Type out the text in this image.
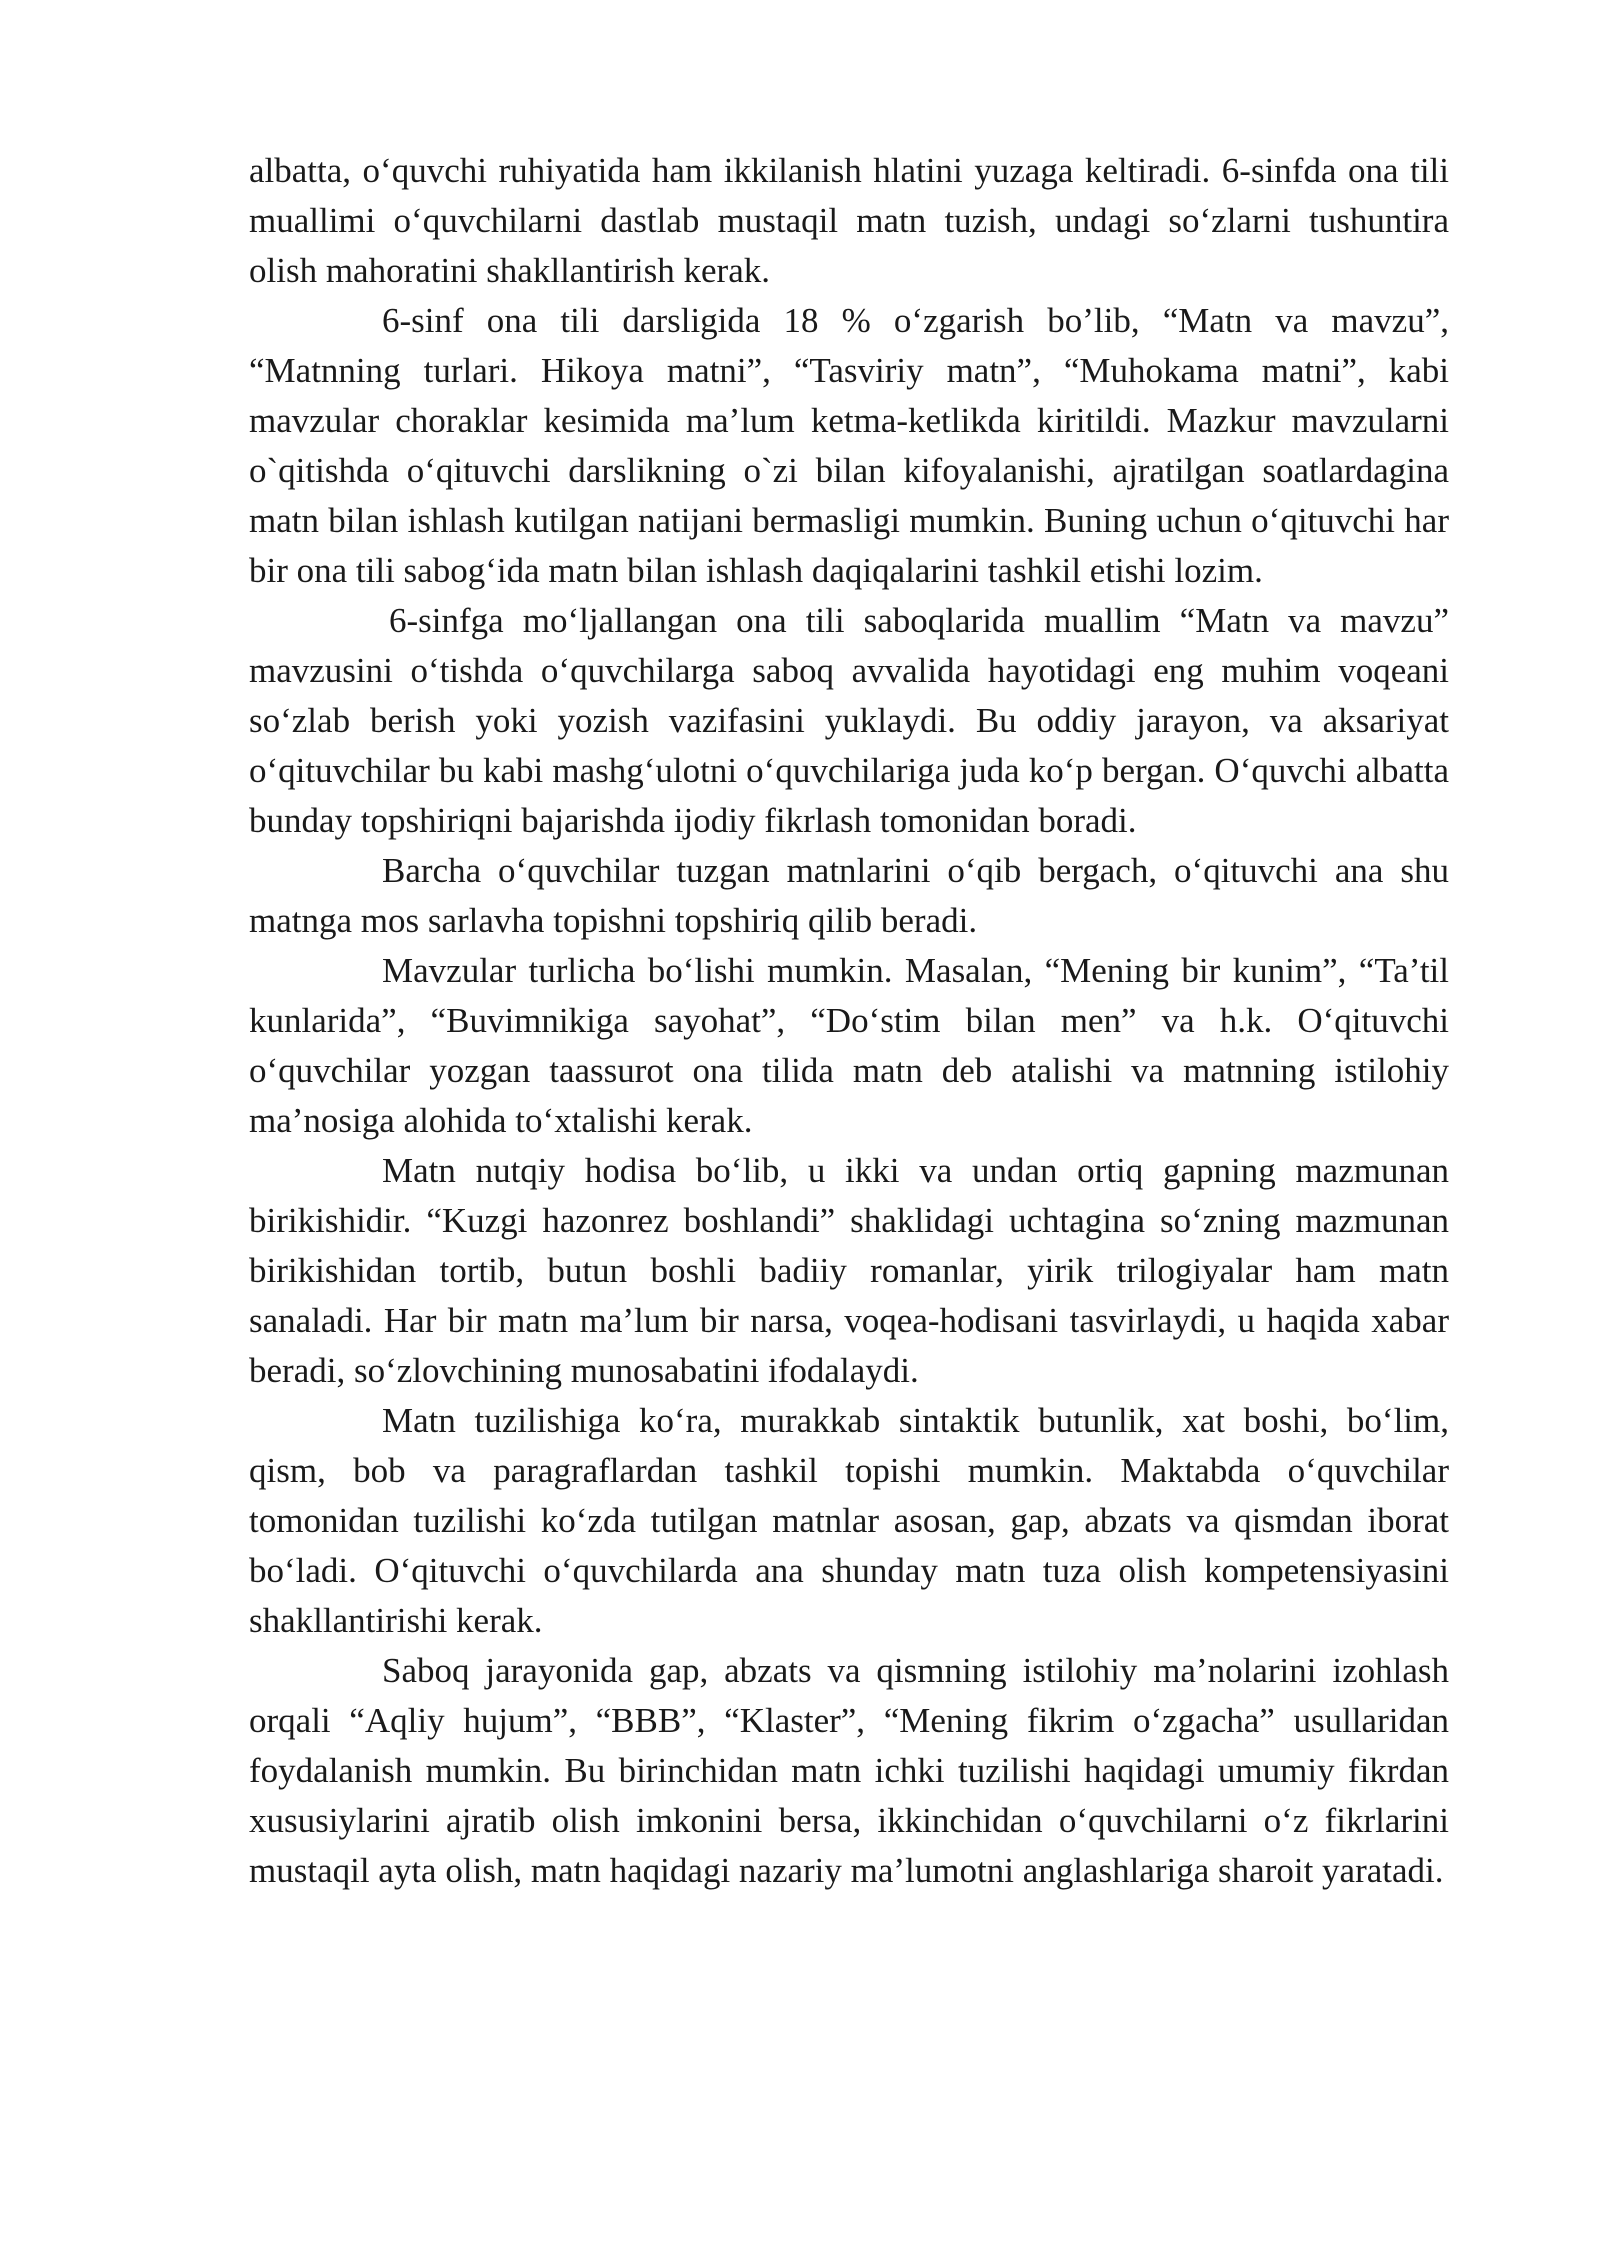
albatta, o‘quvchi ruhiyatida ham ikkilanish hlatini yuzaga keltiradi. 6-sinfda ona tili muallimi o‘quvchilarni dastlab mustaqil matn tuzish, undagi so‘zlarni tushuntira olish mahoratini shakllantirish kerak.

6-sinf ona tili darsligida 18 % o‘zgarish bo’lib, “Matn va mavzu”, “Matnning turlari. Hikoya matni”, “Tasviriy matn”, “Muhokama matni”, kabi mavzular choraklar kesimida ma’lum ketma-ketlikda kiritildi. Mazkur mavzularni o`qitishda o‘qituvchi darslikning o`zi bilan kifoyalanishi, ajratilgan soatlardagina matn bilan ishlash kutilgan natijani bermasligi mumkin. Buning uchun o‘qituvchi har bir ona tili sabog‘ida matn bilan ishlash daqiqalarini tashkil etishi lozim.

6-sinfga mo‘ljallangan ona tili saboqlarida muallim “Matn va mavzu” mavzusini o‘tishda o‘quvchilarga saboq avvalida hayotidagi eng muhim voqeani so‘zlab berish yoki yozish vazifasini yuklaydi. Bu oddiy jarayon, va aksariyat o‘qituvchilar bu kabi mashg‘ulotni o‘quvchilariga juda ko‘p bergan. O‘quvchi albatta bunday topshiriqni bajarishda ijodiy fikrlash tomonidan boradi.

Barcha o‘quvchilar tuzgan matnlarini o‘qib bergach, o‘qituvchi ana shu matnga mos sarlavha topishni topshiriq qilib beradi.

Mavzular turlicha bo‘lishi mumkin. Masalan, “Mening bir kunim”, “Ta’til kunlarida”, “Buvimnikiga sayohat”, “Do‘stim bilan men” va h.k. O‘qituvchi o‘quvchilar yozgan taassurot ona tilida matn deb atalishi va matnning istilohiy ma’nosiga alohida to‘xtalishi kerak.

Matn nutqiy hodisa bo‘lib, u ikki va undan ortiq gapning mazmunan birikishidir. “Kuzgi hazonrez boshlandi” shaklidagi uchtagina so‘zning mazmunan birikishidan tortib, butun boshli badiiy romanlar, yirik trilogiyalar ham matn sanaladi. Har bir matn ma’lum bir narsa, voqea-hodisani tasvirlaydi, u haqida xabar beradi, so‘zlovchining munosabatini ifodalaydi.

Matn tuzilishiga ko‘ra, murakkab sintaktik butunlik, xat boshi, bo‘lim, qism, bob va paragraflardan tashkil topishi mumkin. Maktabda o‘quvchilar tomonidan tuzilishi ko‘zda tutilgan matnlar asosan, gap, abzats va qismdan iborat bo‘ladi. O‘qituvchi o‘quvchilarda ana shunday matn tuza olish kompetensiyasini shakllantirishi kerak.

Saboq jarayonida gap, abzats va qismning istilohiy ma’nolarini izohlash orqali “Aqliy hujum”, “BBB”, “Klaster”, “Mening fikrim o‘zgacha” usullaridan foydalanish mumkin. Bu birinchidan matn ichki tuzilishi haqidagi umumiy fikrdan xususiylarini ajratib olish imkonini bersa, ikkinchidan o‘quvchilarni o‘z fikrlarini mustaqil ayta olish, matn haqidagi nazariy ma’lumotni anglashlariga sharoit yaratadi.
